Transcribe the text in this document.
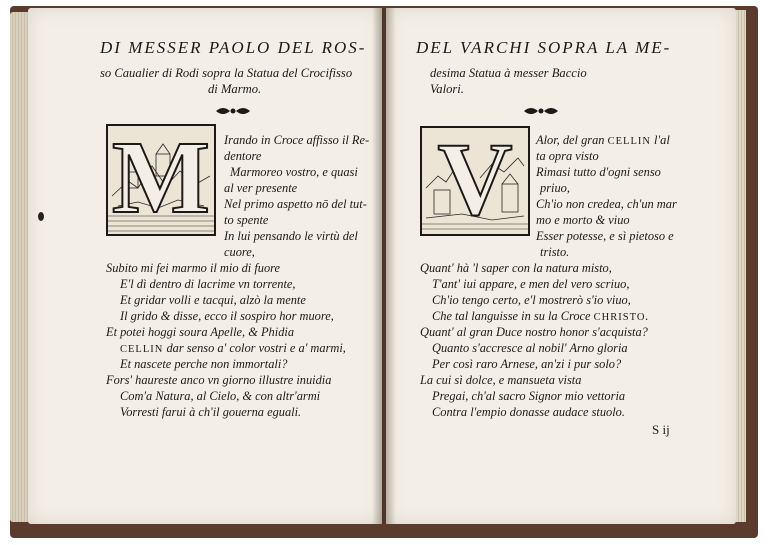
DI MESSER PAOLO DEL ROS-
so Caualier di Rodi sopra la Statua del Crocifisso
di Marmo.
M	Irando in Croce affisso il Re-
dentore
Marmoreo vostro, e quasi
al ver presente
Nel primo aspetto nō del tut-
to spente
In lui pensando le virtù del
cuore,
Subito mi fei marmo il mio di fuore
E'l dì dentro di lacrime vn torrente,
Et gridar volli e tacqui, alzò la mente
Il grido & disse, ecco il sospiro hor muore,
Et potei hoggi soura Apelle, & Phidia
CELLIN dar senso a' color vostri e a' marmi,
Et nascete perche non immortali?
Fors' haureste anco vn giorno illustre inuidia
Com'a Natura, al Cielo, & con altr'armi
Vorresti farui à ch'il gouerna eguali.
DEL VARCHI SOPRA LA ME-
desima Statua à messer Baccio
Valori.
V	Alor, del gran CELLIN l'al
ta opra visto
Rimasi tutto d'ogni senso
priuo,
Ch'io non credea, ch'un mar
mo e morto & viuo
Esser potesse, e sì pietoso e
tristo.
Quant' hà 'l saper con la natura misto,
T'ant' iui appare, e men del vero scriuo,
Ch'io tengo certo, e'l mostrerò s'io viuo,
Che tal languisse in su la Croce CHRISTO.
Quant' al gran Duce nostro honor s'acquista?
Quanto s'accresce al nobil' Arno gloria
Per così raro Arnese, an'zi i pur solo?
La cui sì dolce, e mansueta vista
Pregai, ch'al sacro Signor mio vettoria
Contra l'empio donasse audace stuolo.
S ij
